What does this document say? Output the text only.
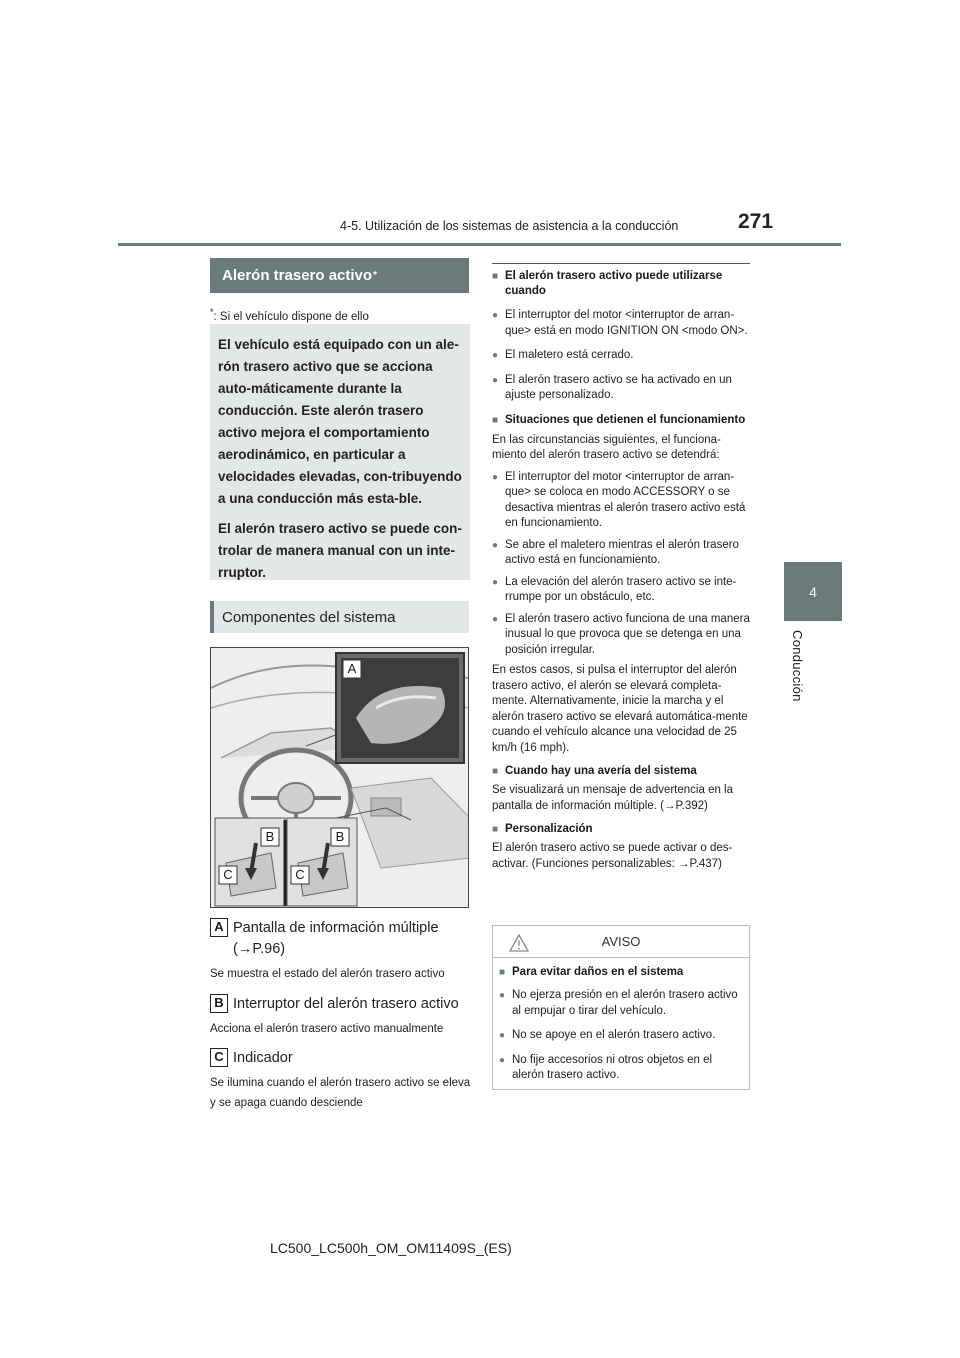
4-5. Utilización de los sistemas de asistencia a la conducción	271
4
Conducción
Alerón trasero activo *
*: Si el vehículo dispone de ello

El vehículo está equipado con un ale-rón trasero activo que se acciona auto-máticamente durante la conducción. Este alerón trasero activo mejora el comportamiento aerodinámico, en particular a velocidades elevadas, con-tribuyendo a una conducción más esta-ble.

El alerón trasero activo se puede con-trolar de manera manual con un inte-rruptor.

Componentes del sistema
A
B	B
C	C
A Pantalla de información múltiple
(→P.96)
Se muestra el estado del alerón trasero activo
B Interruptor del alerón trasero activo
Acciona el alerón trasero activo manualmente
C Indicador
Se ilumina cuando el alerón trasero activo se eleva y se apaga cuando desciende
■ El alerón trasero activo puede utilizarse cuando
● El interruptor del motor <interruptor de arran-que> está en modo IGNITION ON <modo ON>.
● El maletero está cerrado.
● El alerón trasero activo se ha activado en un ajuste personalizado.
■ Situaciones que detienen el funcionamiento
En las circunstancias siguientes, el funciona-miento del alerón trasero activo se detendrá:
● El interruptor del motor <interruptor de arran-que> se coloca en modo ACCESSORY o se desactiva mientras el alerón trasero activo está en funcionamiento.
● Se abre el maletero mientras el alerón trasero activo está en funcionamiento.
● La elevación del alerón trasero activo se inte-rrumpe por un obstáculo, etc.
● El alerón trasero activo funciona de una manera inusual lo que provoca que se detenga en una posición irregular.
En estos casos, si pulsa el interruptor del alerón trasero activo, el alerón se elevará completa-mente. Alternativamente, inicie la marcha y el alerón trasero activo se elevará automática-mente cuando el vehículo alcance una velocidad de 25 km/h (16 mph).
■ Cuando hay una avería del sistema
Se visualizará un mensaje de advertencia en la pantalla de información múltiple. (→P.392)
■ Personalización
El alerón trasero activo se puede activar o des-activar. (Funciones personalizables: →P.437)
AVISO
■ Para evitar daños en el sistema
● No ejerza presión en el alerón trasero activo al empujar o tirar del vehículo.
● No se apoye en el alerón trasero activo.
● No fije accesorios ni otros objetos en el alerón trasero activo.
LC500_LC500h_OM_OM11409S_(ES)
